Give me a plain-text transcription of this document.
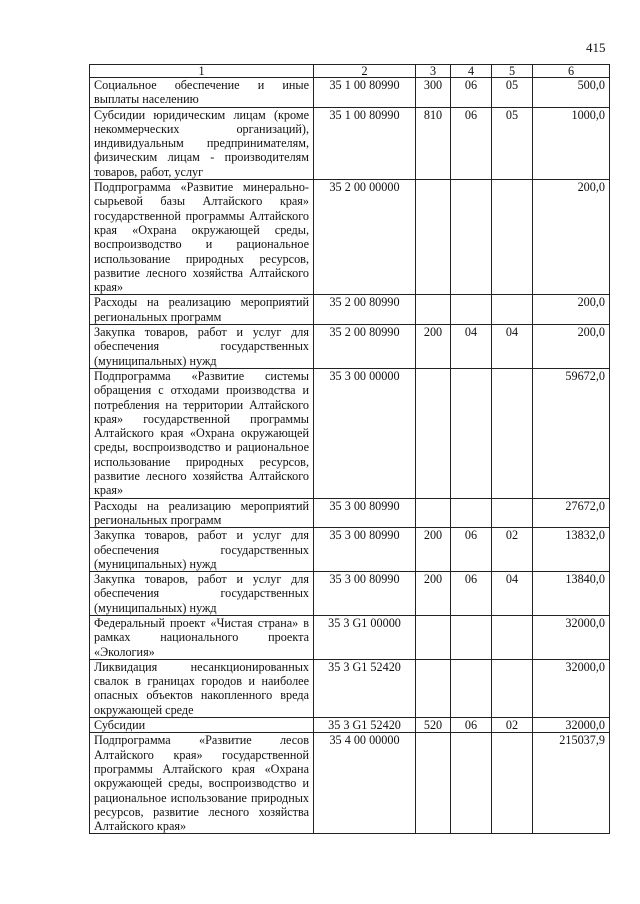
415
1	2	3	4	5	6
Социальное обеспечение и иные выплаты населению	35 1 00 80990	300	06	05	500,0
Субсидии юридическим лицам (кроме некоммерческих организаций), индивидуальным предпринимателям, физическим лицам - производителям товаров, работ, услуг	35 1 00 80990	810	06	05	1000,0
Подпрограмма «Развитие минерально-сырьевой базы Алтайского края» государственной программы Алтайского края «Охрана окружающей среды, воспроизводство и рациональное использование природных ресурсов, развитие лесного хозяйства Алтайского края»	35 2 00 00000				200,0
Расходы на реализацию мероприятий региональных программ	35 2 00 80990				200,0
Закупка товаров, работ и услуг для обеспечения государственных (муниципальных) нужд	35 2 00 80990	200	04	04	200,0
Подпрограмма «Развитие системы обращения с отходами производства и потребления на территории Алтайского края» государственной программы Алтайского края «Охрана окружающей среды, воспроизводство и рациональное использование природных ресурсов, развитие лесного хозяйства Алтайского края»	35 3 00 00000				59672,0
Расходы на реализацию мероприятий региональных программ	35 3 00 80990				27672,0
Закупка товаров, работ и услуг для обеспечения государственных (муниципальных) нужд	35 3 00 80990	200	06	02	13832,0
Закупка товаров, работ и услуг для обеспечения государственных (муниципальных) нужд	35 3 00 80990	200	06	04	13840,0
Федеральный проект «Чистая страна» в рамках национального проекта «Экология»	35 3 G1 00000				32000,0
Ликвидация несанкционированных свалок в границах городов и наиболее опасных объектов накопленного вреда окружающей среде	35 3 G1 52420				32000,0
Субсидии	35 3 G1 52420	520	06	02	32000,0
Подпрограмма «Развитие лесов Алтайского края» государственной программы Алтайского края «Охрана окружающей среды, воспроизводство и рациональное использование природных ресурсов, развитие лесного хозяйства Алтайского края»	35 4 00 00000				215037,9
